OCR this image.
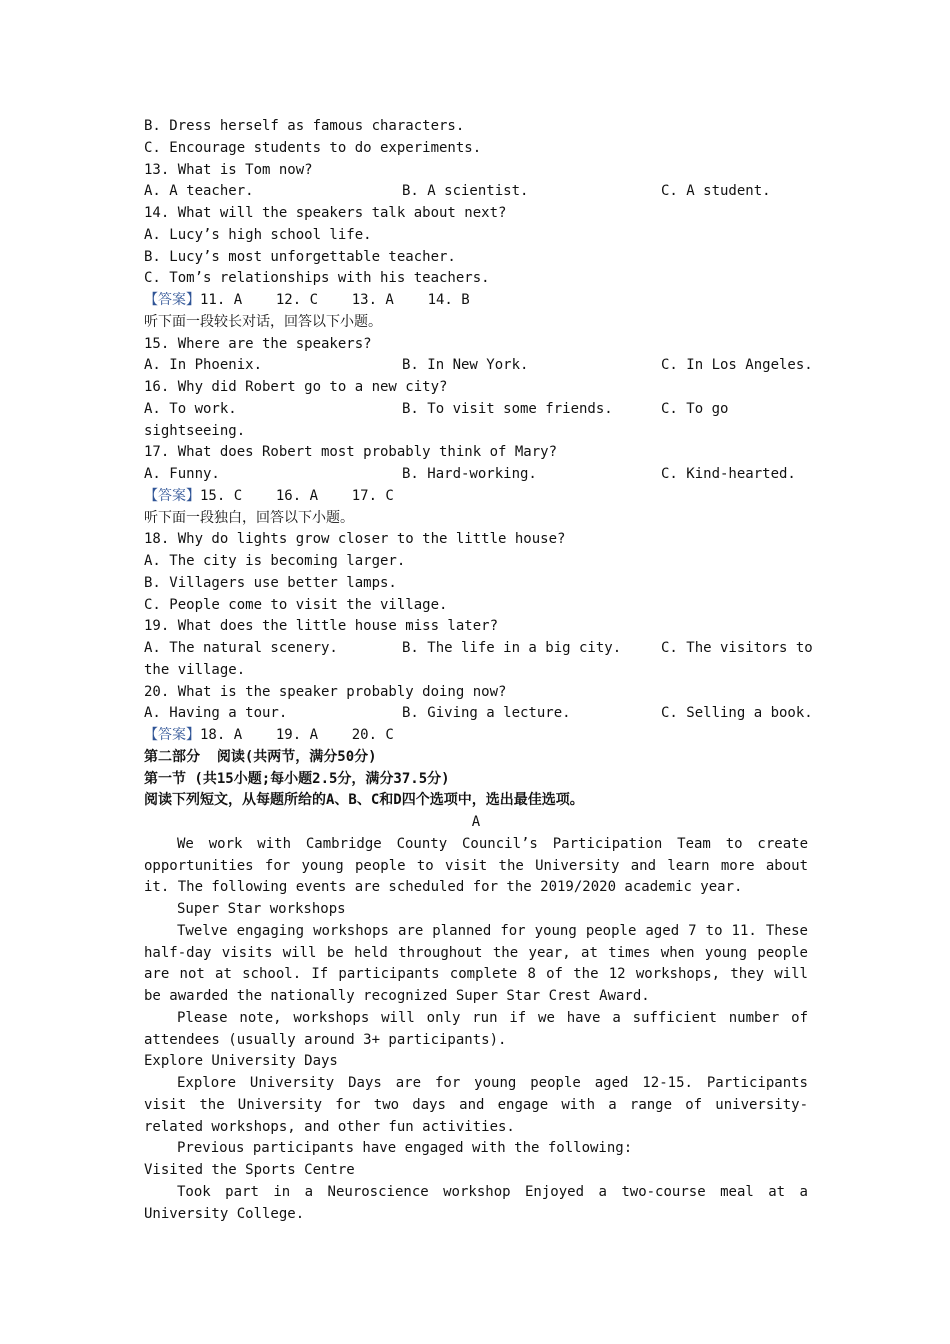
B. Dress herself as famous characters.
C. Encourage students to do experiments.
13. What is Tom now?
A. A teacher.	B. A scientist.	C. A student.
14. What will the speakers talk about next?
A. Lucy’s high school life.
B. Lucy’s most unforgettable teacher.
C. Tom’s relationships with his teachers.
【答案】11. A    12. C    13. A    14. B
听下面一段较长对话，回答以下小题。
15. Where are the speakers?
A. In Phoenix.	B. In New York.	C. In Los Angeles.
16. Why did Robert go to a new city?
A. To work.	B. To visit some friends.	C. To go
sightseeing.
17. What does Robert most probably think of Mary?
A. Funny.	B. Hard-working.	C. Kind-hearted.
【答案】15. C    16. A    17. C
听下面一段独白，回答以下小题。
18. Why do lights grow closer to the little house?
A. The city is becoming larger.
B. Villagers use better lamps.
C. People come to visit the village.
19. What does the little house miss later?
A. The natural scenery.	B. The life in a big city.	C. The visitors to
the village.
20. What is the speaker probably doing now?
A. Having a tour.	B. Giving a lecture.	C. Selling a book.
【答案】18. A    19. A    20. C
第二部分  阅读(共两节，满分50分)
第一节 (共15小题;每小题2.5分，满分37.5分)
阅读下列短文，从每题所给的A、B、C和D四个选项中，选出最佳选项。
A
We work with Cambridge County Council’s Participation Team to create opportunities for young people to visit the University and learn more about it. The following events are scheduled for the 2019/2020 academic year.
Super Star workshops
Twelve engaging workshops are planned for young people aged 7 to 11. These half-day visits will be held throughout the year, at times when young people are not at school. If participants complete 8 of the 12 workshops, they will be awarded the nationally recognized Super Star Crest Award.
Please note, workshops will only run if we have a sufficient number of attendees (usually around 3+ participants).
Explore University Days
Explore University Days are for young people aged 12-15. Participants visit the University for two days and engage with a range of university-related workshops, and other fun activities.
Previous participants have engaged with the following:
Visited the Sports Centre
Took part in a Neuroscience workshop Enjoyed a two-course meal at a University College.
